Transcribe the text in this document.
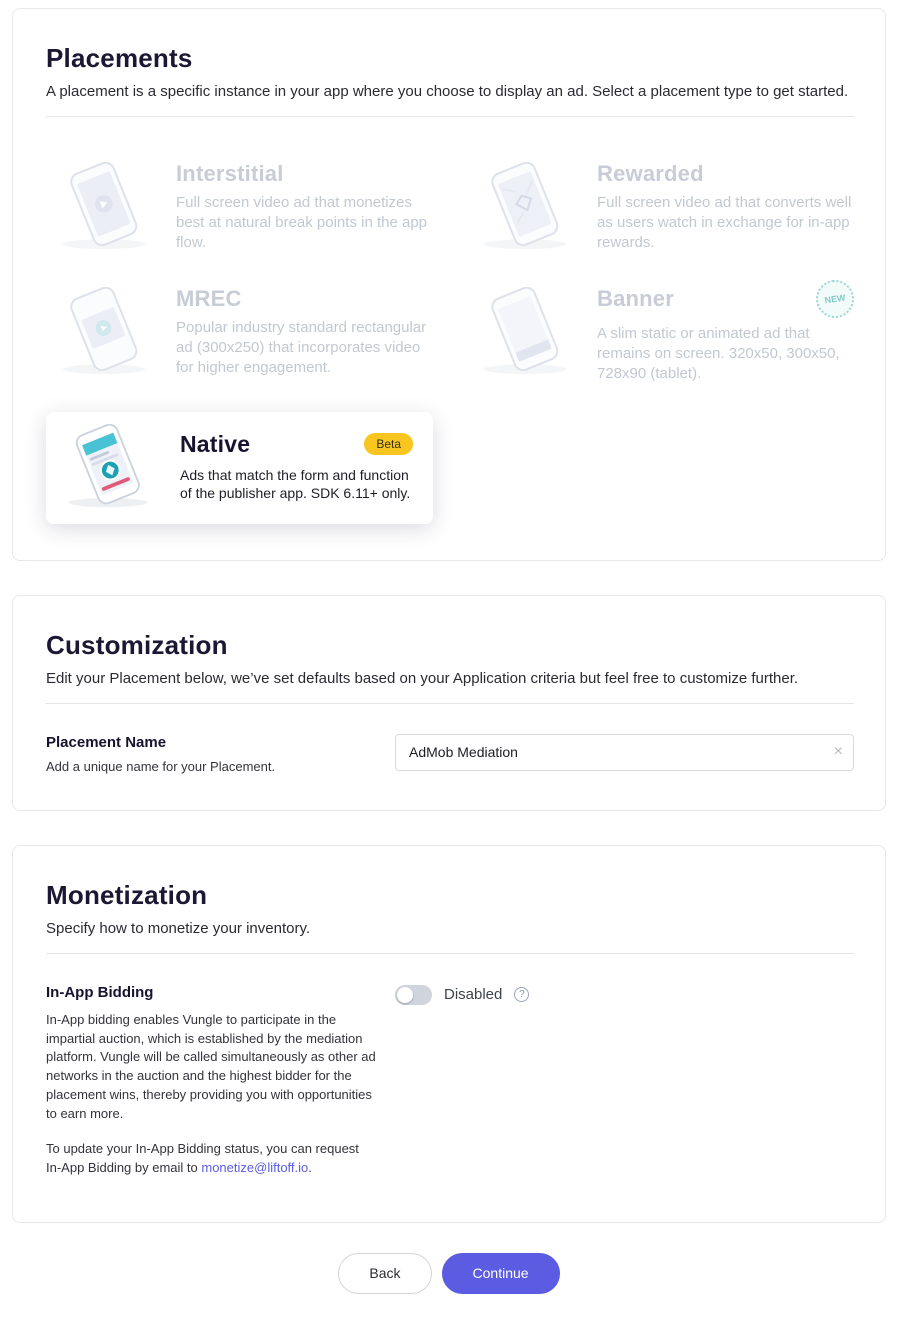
Placements

A placement is a specific instance in your app where you choose to display an ad. Select a placement type to get started.

Interstitial

Full screen video ad that monetizes best at natural break points in the app flow.

Rewarded

Full screen video ad that converts well as users watch in exchange for in-app rewards.

MREC

Popular industry standard rectangular ad (300x250) that incorporates video for higher engagement.

Banner	NEW

A slim static or animated ad that remains on screen. 320x50, 300x50, 728x90 (tablet).

Native	Beta

Ads that match the form and function of the publisher app. SDK 6.11+ only.

Customization

Edit your Placement below, we’ve set defaults based on your Application criteria but feel free to customize further.

Placement Name
Add a unique name for your Placement.
AdMob Mediation
×
Monetization

Specify how to monetize your inventory.

In-App Bidding

In-App bidding enables Vungle to participate in the impartial auction, which is established by the mediation platform. Vungle will be called simultaneously as other ad networks in the auction and the highest bidder for the placement wins, thereby providing you with opportunities to earn more.

To update your In-App Bidding status, you can request In-App Bidding by email to monetize@liftoff.io.

Disabled	?
Back	Continue
